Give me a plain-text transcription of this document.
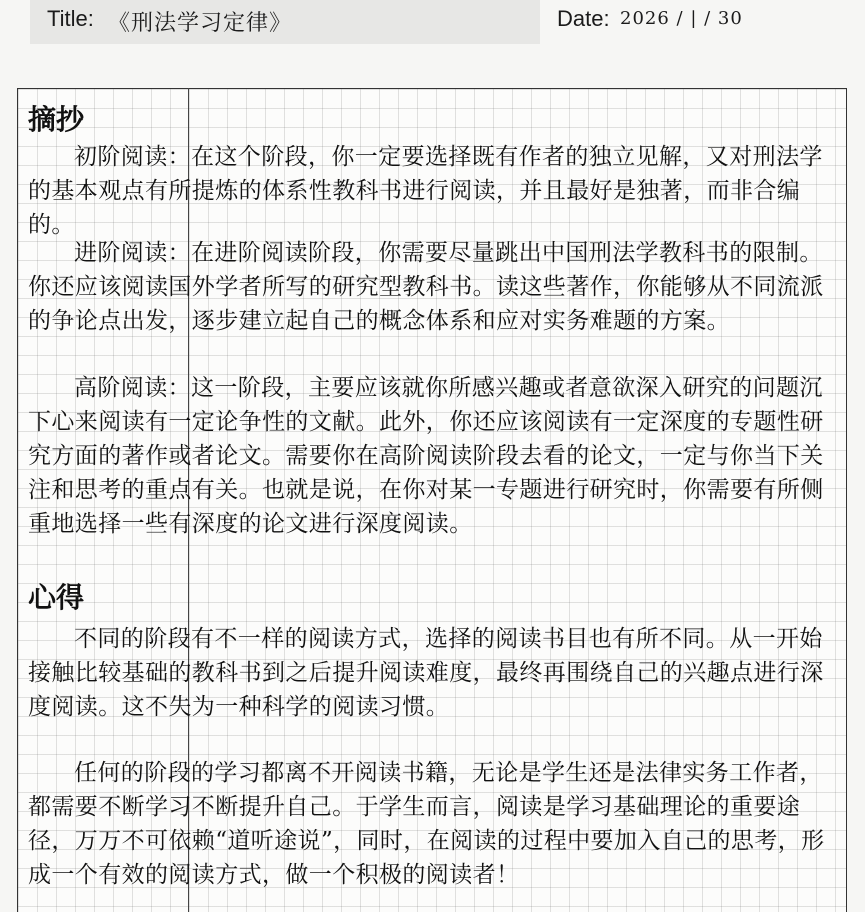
Title: 《刑法学习定律》	Date: 2026 / | / 30
摘抄
初阶阅读：在这个阶段，你一定要选择既有作者的独立见解，又对刑法学的基本观点有所提炼的体系性教科书进行阅读，并且最好是独著，而非合编的。
进阶阅读：在进阶阅读阶段，你需要尽量跳出中国刑法学教科书的限制。你还应该阅读国外学者所写的研究型教科书。读这些著作，你能够从不同流派的争论点出发，逐步建立起自己的概念体系和应对实务难题的方案。
高阶阅读：这一阶段，主要应该就你所感兴趣或者意欲深入研究的问题沉下心来阅读有一定论争性的文献。此外，你还应该阅读有一定深度的专题性研究方面的著作或者论文。需要你在高阶阅读阶段去看的论文，一定与你当下关注和思考的重点有关。也就是说，在你对某一专题进行研究时，你需要有所侧重地选择一些有深度的论文进行深度阅读。
心得
不同的阶段有不一样的阅读方式，选择的阅读书目也有所不同。从一开始接触比较基础的教科书到之后提升阅读难度，最终再围绕自己的兴趣点进行深度阅读。这不失为一种科学的阅读习惯。
任何的阶段的学习都离不开阅读书籍，无论是学生还是法律实务工作者，都需要不断学习不断提升自己。于学生而言，阅读是学习基础理论的重要途径，万万不可依赖“道听途说”，同时，在阅读的过程中要加入自己的思考，形成一个有效的阅读方式，做一个积极的阅读者！
